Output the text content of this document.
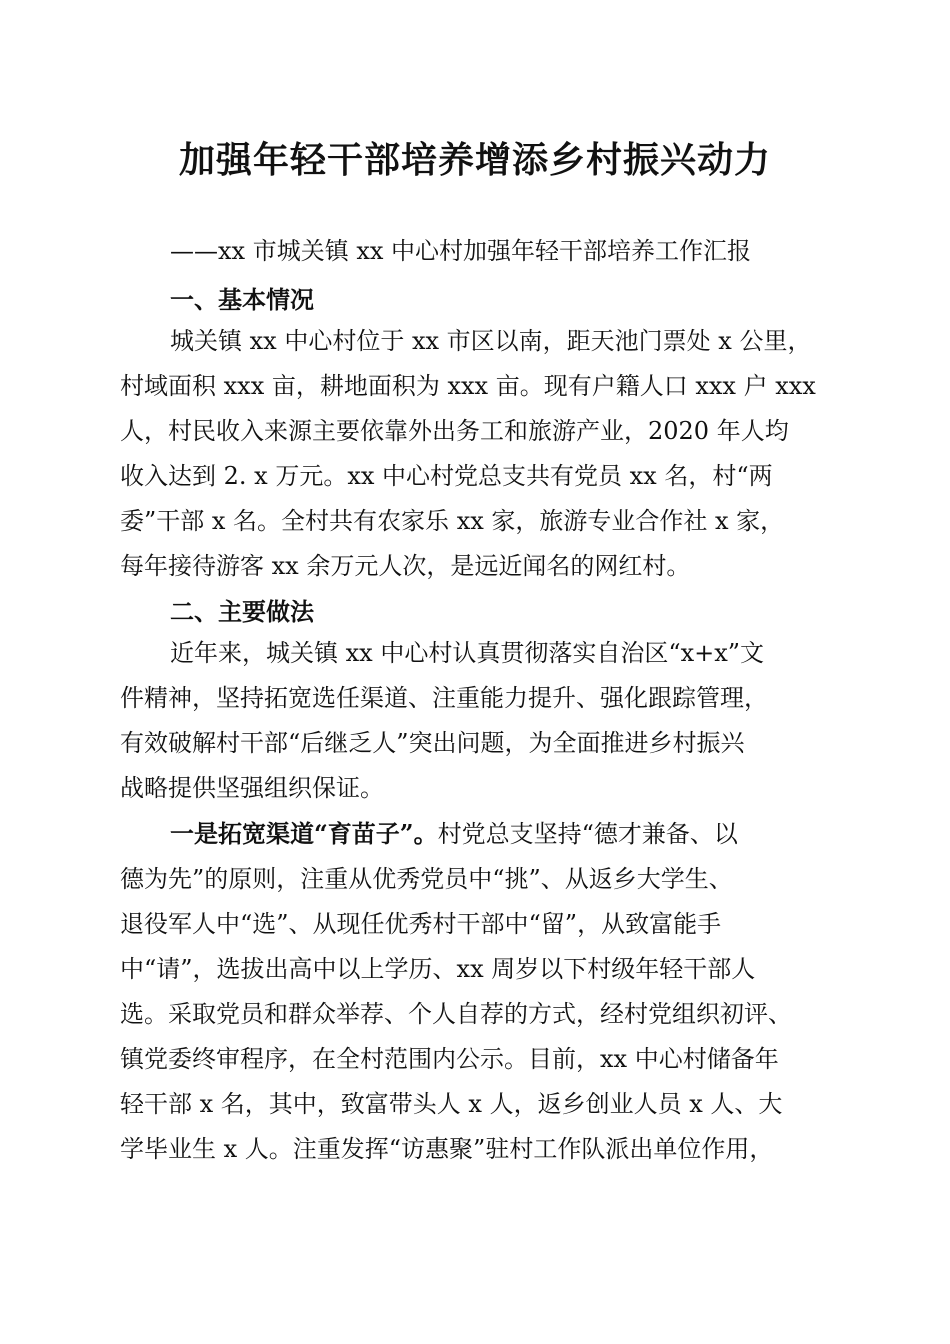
加强年轻干部培养增添乡村振兴动力
——xx 市城关镇 xx 中心村加强年轻干部培养工作汇报
一、基本情况
城关镇 xx 中心村位于 xx 市区以南，距天池门票处 x 公里，
村域面积 xxx 亩，耕地面积为 xxx 亩。现有户籍人口 xxx 户 xxx
人，村民收入来源主要依靠外出务工和旅游产业，2020 年人均
收入达到 2. x 万元。xx 中心村党总支共有党员 xx 名，村“两
委”干部 x 名。全村共有农家乐 xx 家，旅游专业合作社 x 家，
每年接待游客 xx 余万元人次，是远近闻名的网红村。
二、主要做法
近年来，城关镇 xx 中心村认真贯彻落实自治区“x+x”文
件精神，坚持拓宽选任渠道、注重能力提升、强化跟踪管理，
有效破解村干部“后继乏人”突出问题，为全面推进乡村振兴
战略提供坚强组织保证。
一是拓宽渠道“育苗子”。村党总支坚持“德才兼备、以
德为先”的原则，注重从优秀党员中“挑”、从返乡大学生、
退役军人中“选”、从现任优秀村干部中“留”，从致富能手
中“请”，选拔出高中以上学历、xx 周岁以下村级年轻干部人
选。采取党员和群众举荐、个人自荐的方式，经村党组织初评、
镇党委终审程序，在全村范围内公示。目前，xx 中心村储备年
轻干部 x 名，其中，致富带头人 x 人，返乡创业人员 x 人、大
学毕业生 x 人。注重发挥“访惠聚”驻村工作队派出单位作用，
